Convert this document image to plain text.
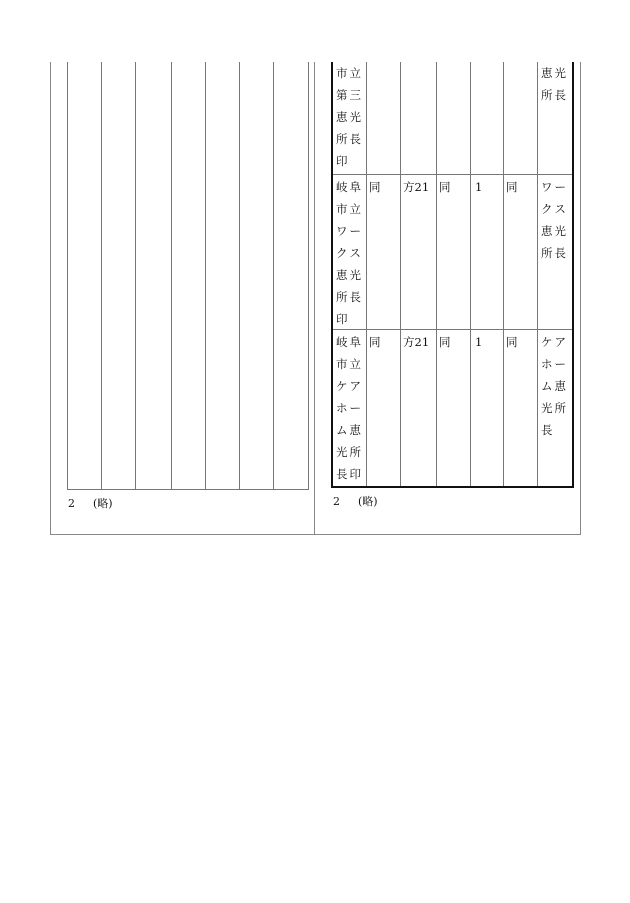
2 (略)
市立
第三
恵光
所長
印
恵光
所長
岐阜
市立
ワー
クス
恵光
所長
印
同 方21 同 1 同 ワー
クス
恵光
所長
岐阜
市立
ケア
ホー
ム恵
光所
長印
同 方21 同 1 同 ケア
ホー
ム恵
光所
長
2 (略)
